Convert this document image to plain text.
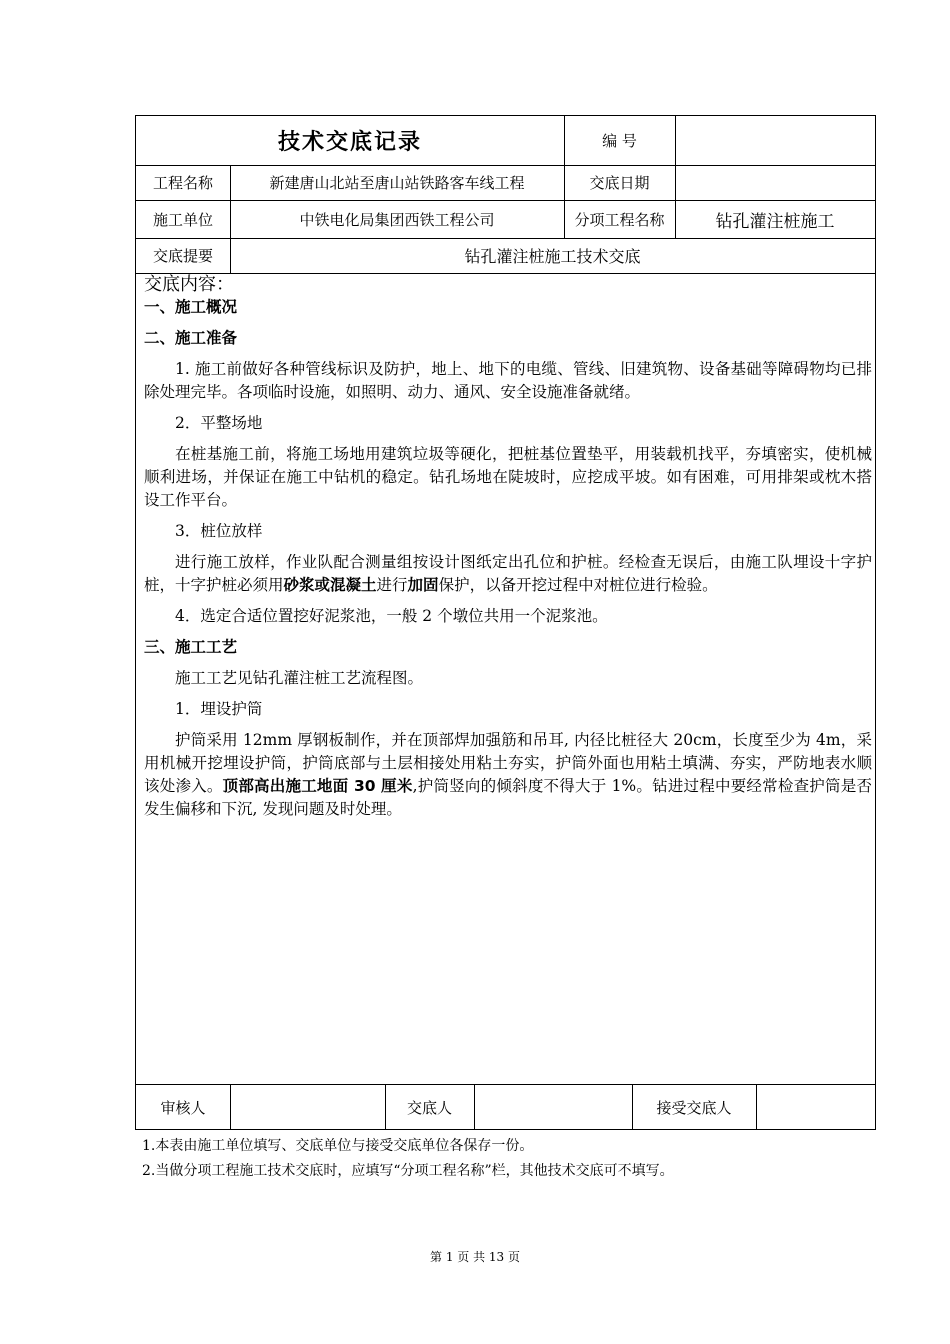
技术交底记录	编 号
工程名称	新建唐山北站至唐山站铁路客车线工程	交底日期
施工单位	中铁电化局集团西铁工程公司	分项工程名称	钻孔灌注桩施工
交底提要	钻孔灌注桩施工技术交底

交底内容：

一、施工概况

二、施工准备

1. 施工前做好各种管线标识及防护，地上、地下的电缆、管线、旧建筑物、设备基础等障碍物均已排除处理完毕。各项临时设施，如照明、动力、通风、安全设施准备就绪。

2．平整场地

在桩基施工前，将施工场地用建筑垃圾等硬化，把桩基位置垫平，用装载机找平，夯填密实，使机械顺利进场，并保证在施工中钻机的稳定。钻孔场地在陡坡时，应挖成平坡。如有困难，可用排架或枕木搭设工作平台。

3．桩位放样

进行施工放样，作业队配合测量组按设计图纸定出孔位和护桩。经检查无误后，由施工队埋设十字护桩，十字护桩必须用砂浆或混凝土进行加固保护，以备开挖过程中对桩位进行检验。

4．选定合适位置挖好泥浆池，一般 2 个墩位共用一个泥浆池。

三、施工工艺

施工工艺见钻孔灌注桩工艺流程图。

1．埋设护筒

护筒采用 12mm 厚钢板制作，并在顶部焊加强筋和吊耳, 内径比桩径大 20cm，长度至少为 4m，采用机械开挖埋设护筒，护筒底部与土层相接处用粘土夯实，护筒外面也用粘土填满、夯实，严防地表水顺该处渗入。顶部高出施工地面 30 厘米,护筒竖向的倾斜度不得大于 1%。钻进过程中要经常检查护筒是否发生偏移和下沉, 发现问题及时处理。

审核人	交底人	接受交底人
1.本表由施工单位填写、交底单位与接受交底单位各保存一份。
2.当做分项工程施工技术交底时，应填写“分项工程名称”栏，其他技术交底可不填写。
第 1 页 共 13 页
